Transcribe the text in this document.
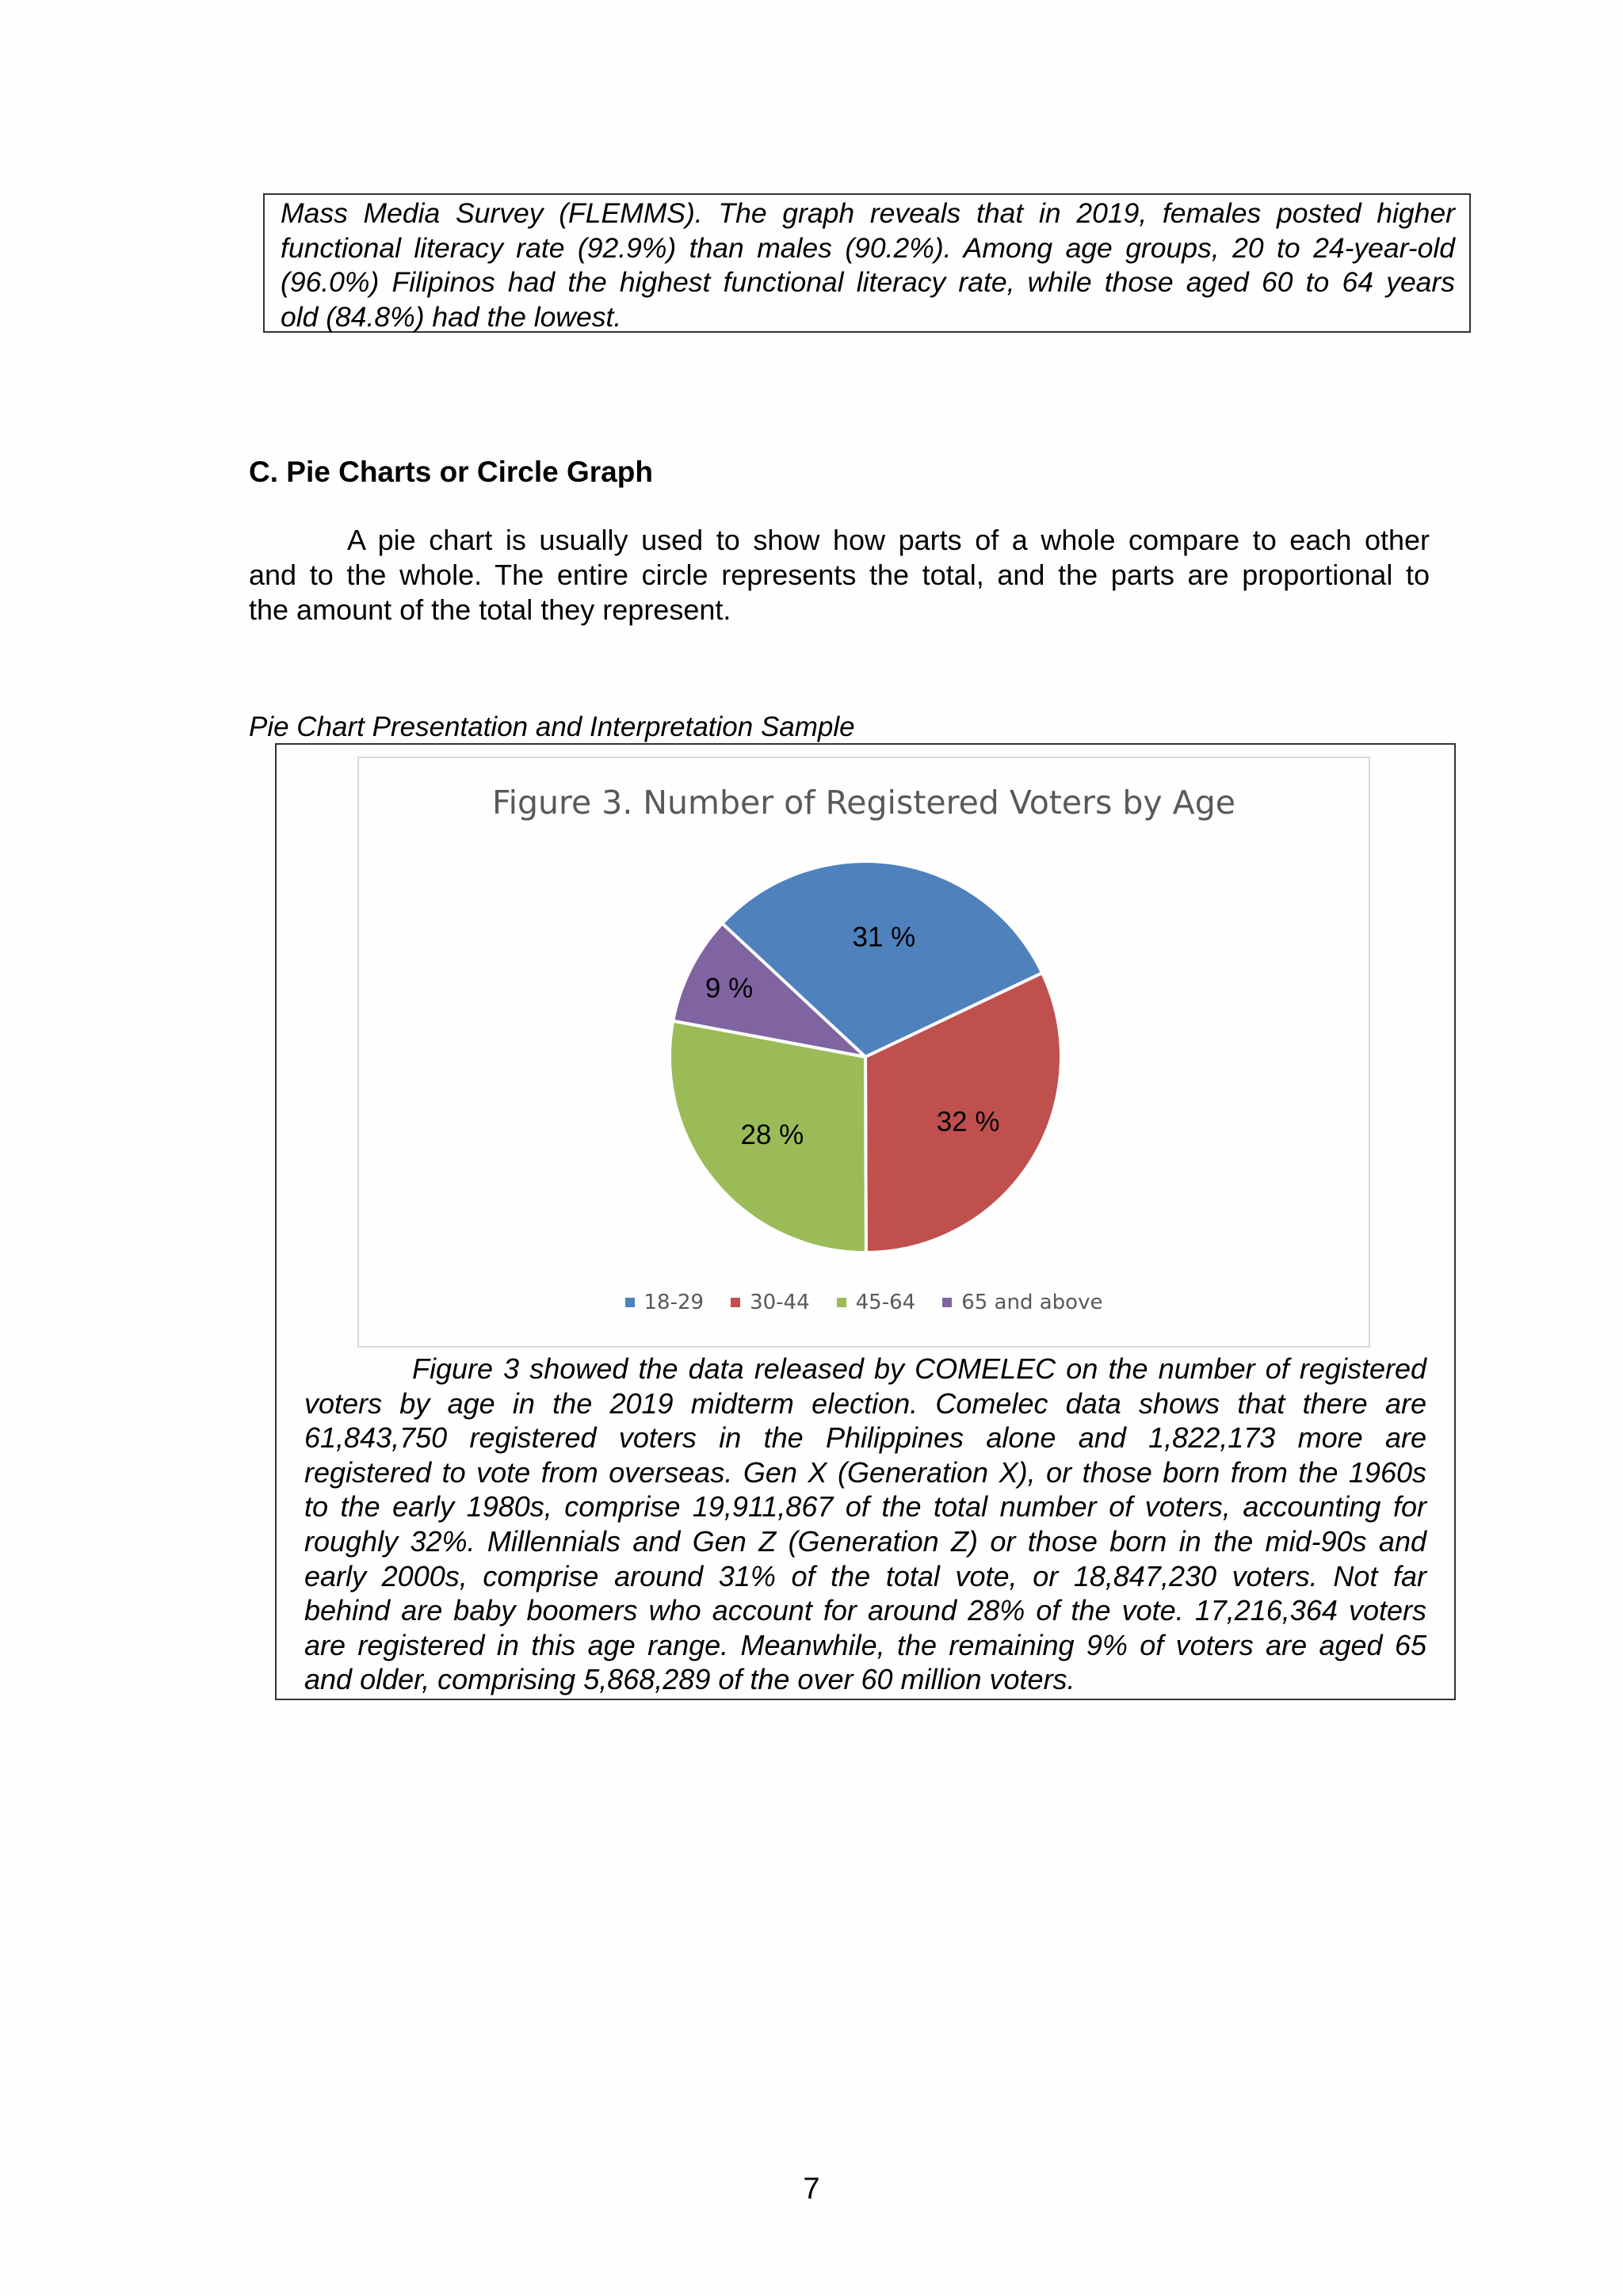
Mass Media Survey (FLEMMS). The graph reveals that in 2019, females posted higher
functional literacy rate (92.9%) than males (90.2%). Among age groups, 20 to 24-year-old
(96.0%) Filipinos had the highest functional literacy rate, while those aged 60 to 64 years
old (84.8%) had the lowest.

C. Pie Charts or Circle Graph

A pie chart is usually used to show how parts of a whole compare to each other
and to the whole. The entire circle represents the total, and the parts are proportional to
the amount of the total they represent.

Pie Chart Presentation and Interpretation Sample

31 %
32 %
28 %
9 %

Figure 3. Number of Registered Voters by Age

18-29 30-44 45-64 65 and above

Figure 3 showed the data released by COMELEC on the number of registered
voters by age in the 2019 midterm election. Comelec data shows that there are
61,843,750 registered voters in the Philippines alone and 1,822,173 more are
registered to vote from overseas. Gen X (Generation X), or those born from the 1960s
to the early 1980s, comprise 19,911,867 of the total number of voters, accounting for
roughly 32%. Millennials and Gen Z (Generation Z) or those born in the mid-90s and
early 2000s, comprise around 31% of the total vote, or 18,847,230 voters. Not far
behind are baby boomers who account for around 28% of the vote. 17,216,364 voters
are registered in this age range. Meanwhile, the remaining 9% of voters are aged 65
and older, comprising 5,868,289 of the over 60 million voters.

7
